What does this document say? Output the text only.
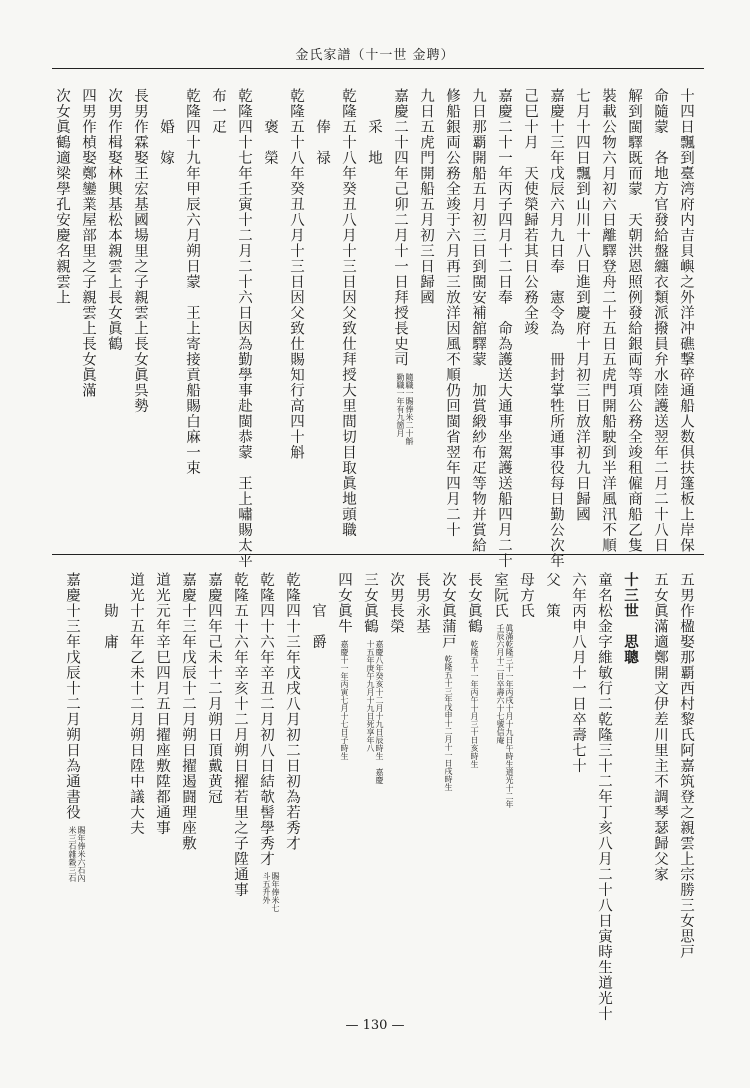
金氏家譜（十一世 金聘）
十四日飄到臺湾府内吉貝嶼之外洋冲礁撃碎通船人数俱扶篷板上岸保
命隨蒙　各地方官發給盤纏衣類派撥員弁水陸護送翌年二月二十八日
解到閩驛既而蒙　天朝洪恩照例發給銀両等項公務全竣租僱商船乙隻
裝載公物六月初六日離驛登舟二十五日五虎門開船駛到半洋風汛不順
七月十四日飄到山川十八日進到慶府十月初三日放洋初九日歸國
嘉慶十三年戊辰六月九日奉　憲令為　冊封掌牲所通事役每日勤公次年
己巳十月　天使榮歸若其日公務全竣
嘉慶二十一年丙子四月十二日奉　命為護送大通事坐駕護送船四月二十
九日那覇開船五月初三日到閩安補舘驛蒙　加賞緞紗布疋等物并賞給
修船銀両公務全竣于六月再三放洋因風不順仍回閩省翌年四月二十
九日五虎門開船五月初三日歸國
嘉慶二十四年己卯二月十一日拜授長史司 隨職一賜俸米二十斛
勤職一年有九箇月
　　采　地
乾隆五十八年癸丑八月十三日因父致仕拜授大里間切目取眞地頭職
　　俸　禄
乾隆五十八年癸丑八月十三日因父致仕賜知行高四十斛
　　褒　榮
乾隆四十七年壬寅十二月二十六日因為勤學事赴閩恭蒙　王上嘯賜太平
布一疋
乾隆四十九年甲辰六月朔日蒙　王上寄接貢船賜白麻一束
　　婚　嫁
長男作霖娶王宏基國場里之子親雲上長女眞呉勢
次男作楫娶林興基松本親雲上長女眞鶴
四男作楨娶鄭鑾業屋部里之子親雲上長女眞滿
次女眞鶴適梁學孔安慶名親雲上
五男作楹娶那覇西村黎氏阿嘉筑登之親雲上宗勝三女思戸
五女眞滿適鄭開文伊差川里主不調琴瑟歸父家
十三世　思聰
童名松金字維敏行二乾隆三十二年丁亥八月二十八日寅時生道光十
六年丙申八月十一日卒壽七十
父　策
母方氏
室阮氏 眞滿乾隆三十一年丙戌十月十九日午時生道光十二年壬辰六月十二日卒壽六十七號信庵
長女眞鶴 乾隆五十一年丙午十月三十日亥時生
次女眞蒲戸 乾隆五十三年戊申十二月十一日戌時生
長男永基
次男長榮
三女眞鶴 嘉慶八年癸亥十二月十九日辰時生　嘉慶十五年庚午九月十九日死享年八
四女眞牛 嘉慶十一年丙寅七月十七日子時生
　　官　爵
乾隆四十三年戊戌八月初二日初為若秀才
乾隆四十六年辛丑二月初八日結欹髻學秀才 賜年俸米七斗五升外
乾隆五十六年辛亥十二月朔日擢若里之子陞通事
嘉慶四年己未十二月朔日頂戴黄冠
嘉慶十三年戊辰十二月朔日擢遏闘理座敷
道光元年辛巳四月五日擢座敷陞都通事
道光十五年乙未十二月朔日陞中議大夫
　　勛　庸
嘉慶十三年戊辰十二月朔日為通書役 賜年俸米六石內　米三石雜穀三石
— 130 —
